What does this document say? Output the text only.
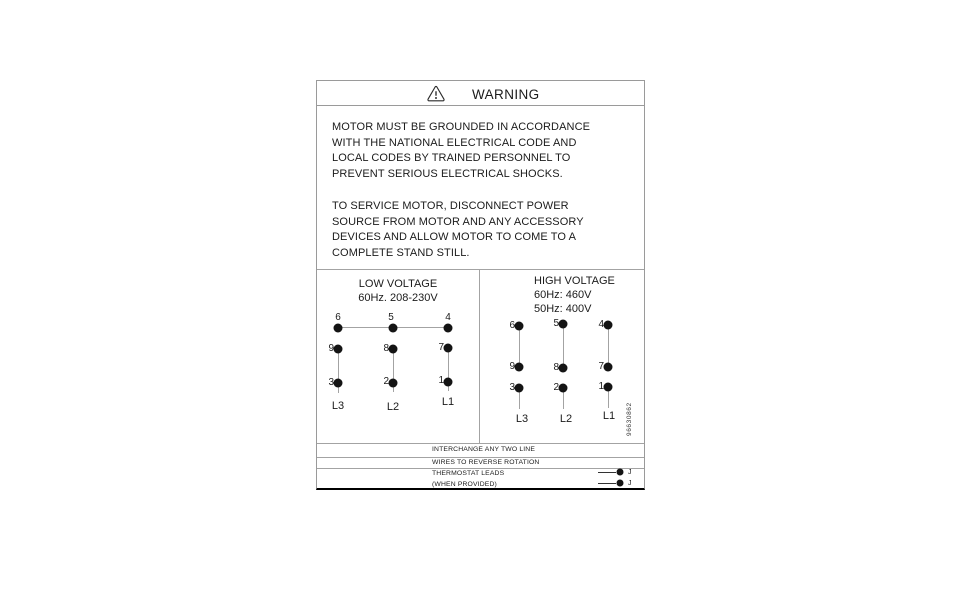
WARNING
MOTOR MUST BE GROUNDED IN ACCORDANCE
WITH THE NATIONAL ELECTRICAL CODE AND
LOCAL CODES BY TRAINED PERSONNEL TO
PREVENT SERIOUS ELECTRICAL SHOCKS.
TO SERVICE MOTOR, DISCONNECT POWER
SOURCE FROM MOTOR AND ANY ACCESSORY
DEVICES AND ALLOW MOTOR TO COME TO A
COMPLETE STAND STILL.
LOW VOLTAGE
60Hz. 208-230V
6	5	4
9	8	7
3	2	1
L3	L2	L1
HIGH VOLTAGE
60Hz: 460V
50Hz: 400V
6	5	4
9	8	7
3	2	1
L3	L2	L1 96630862
INTERCHANGE ANY TWO LINE
WIRES TO REVERSE ROTATION
THERMOSTAT LEADS
(WHEN PROVIDED)
J
J
